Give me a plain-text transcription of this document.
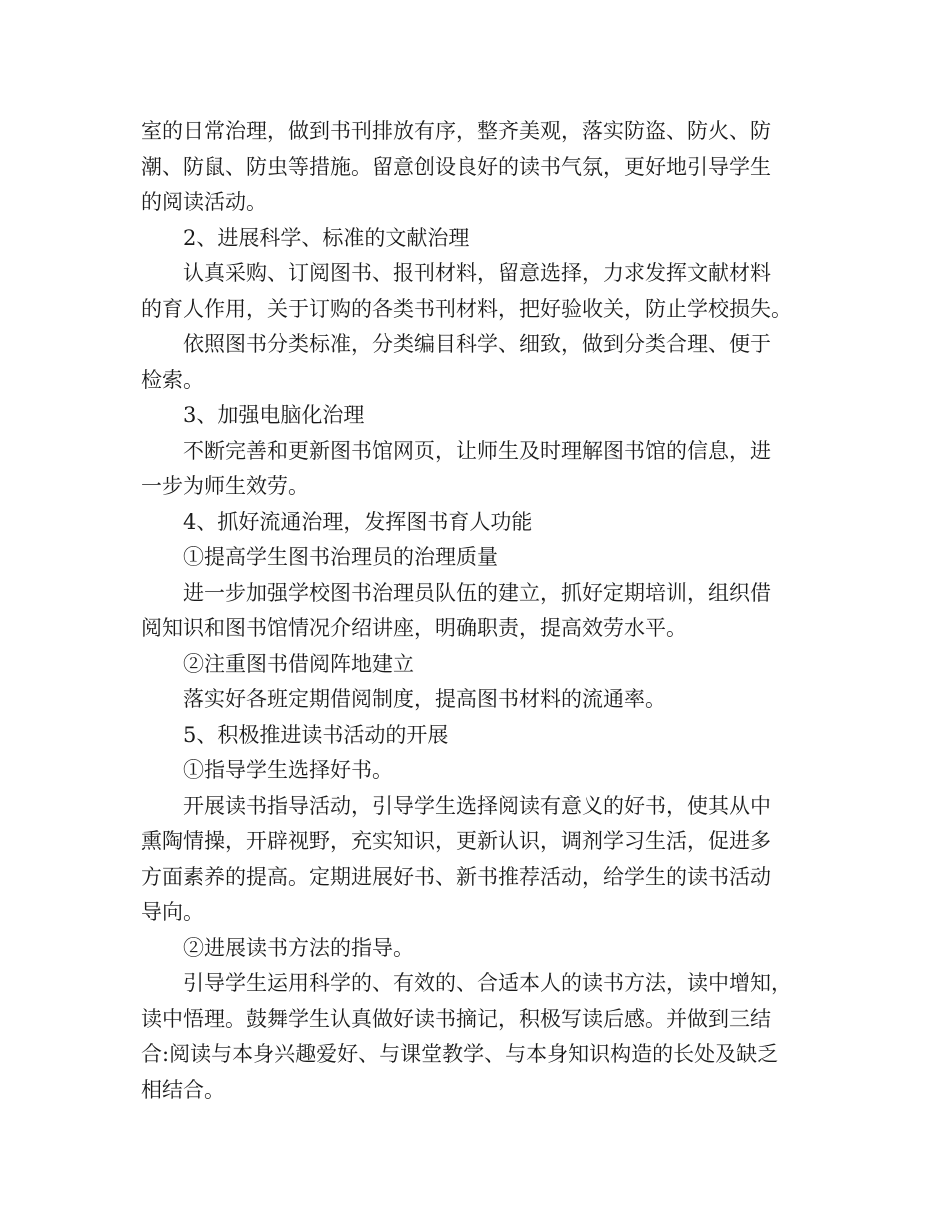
室的日常治理，做到书刊排放有序，整齐美观，落实防盗、防火、防
潮、防鼠、防虫等措施。留意创设良好的读书气氛，更好地引导学生
的阅读活动。

2、进展科学、标准的文献治理

认真采购、订阅图书、报刊材料，留意选择，力求发挥文献材料
的育人作用，关于订购的各类书刊材料，把好验收关，防止学校损失。

依照图书分类标准，分类编目科学、细致，做到分类合理、便于
检索。

3、加强电脑化治理

不断完善和更新图书馆网页，让师生及时理解图书馆的信息，进
一步为师生效劳。

4、抓好流通治理，发挥图书育人功能

①提高学生图书治理员的治理质量

进一步加强学校图书治理员队伍的建立，抓好定期培训，组织借
阅知识和图书馆情况介绍讲座，明确职责，提高效劳水平。

②注重图书借阅阵地建立

落实好各班定期借阅制度，提高图书材料的流通率。

5、积极推进读书活动的开展

①指导学生选择好书。

开展读书指导活动，引导学生选择阅读有意义的好书，使其从中
熏陶情操，开辟视野，充实知识，更新认识，调剂学习生活，促进多
方面素养的提高。定期进展好书、新书推荐活动，给学生的读书活动
导向。

②进展读书方法的指导。

引导学生运用科学的、有效的、合适本人的读书方法，读中增知，
读中悟理。鼓舞学生认真做好读书摘记，积极写读后感。并做到三结
合:阅读与本身兴趣爱好、与课堂教学、与本身知识构造的长处及缺乏
相结合。
